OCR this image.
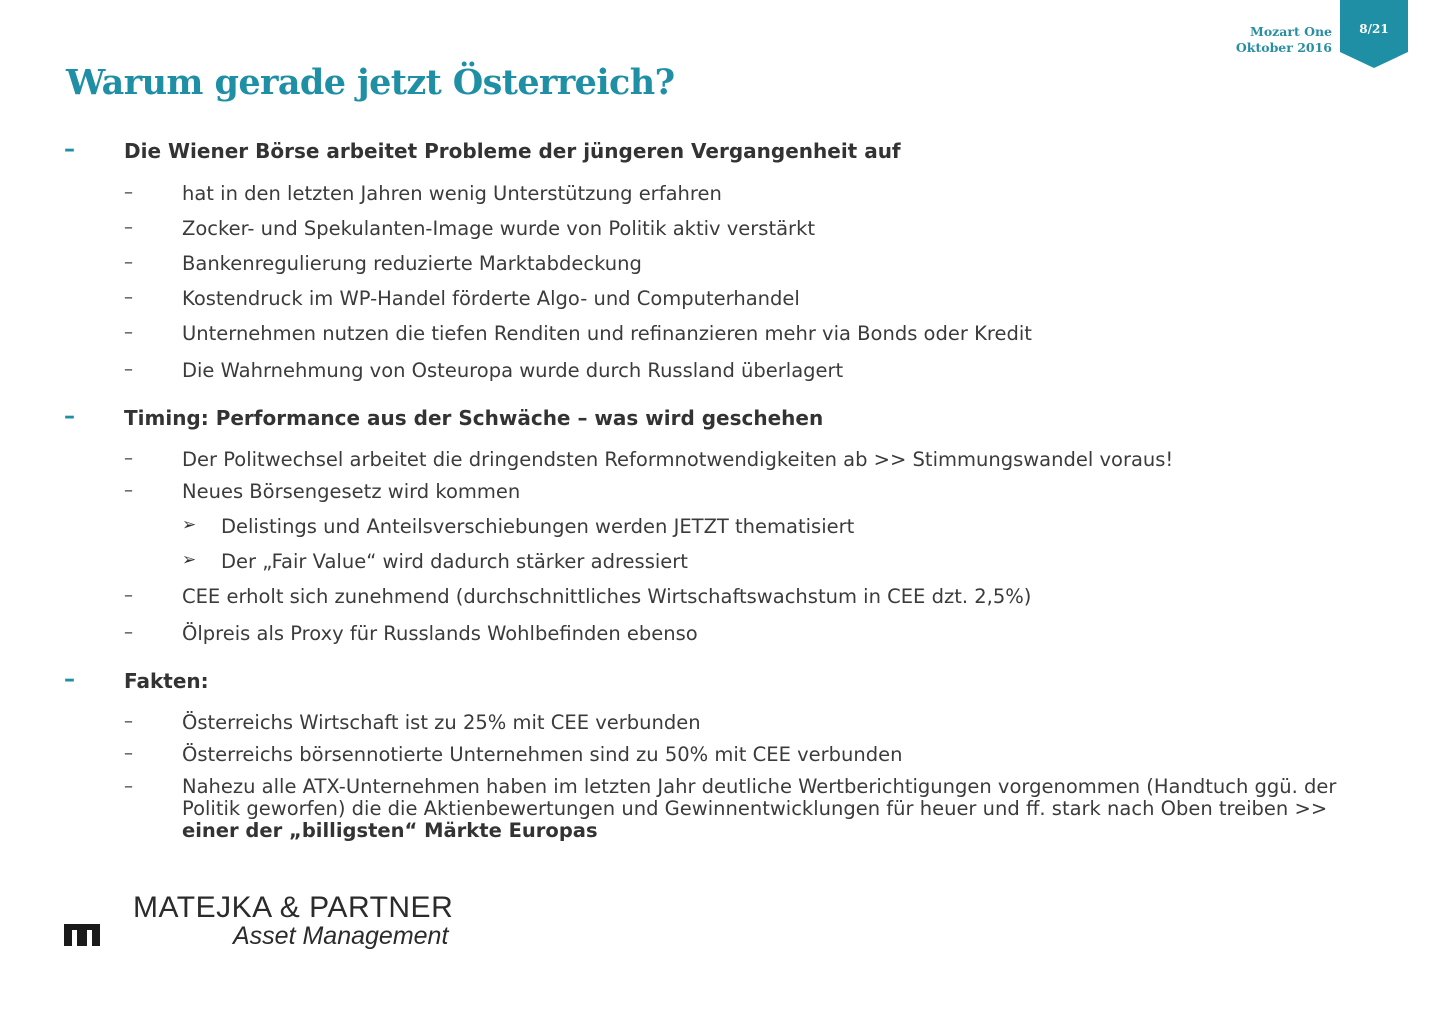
Mozart One
Oktober 2016
8/21
Warum gerade jetzt Österreich?
– Die Wiener Börse arbeitet Probleme der jüngeren Vergangenheit auf
–	hat in den letzten Jahren wenig Unterstützung erfahren
–	Zocker- und Spekulanten-Image wurde von Politik aktiv verstärkt
–	Bankenregulierung reduzierte Marktabdeckung
–	Kostendruck im WP-Handel förderte Algo- und Computerhandel
–	Unternehmen nutzen die tiefen Renditen und refinanzieren mehr via Bonds oder Kredit
–	Die Wahrnehmung von Osteuropa wurde durch Russland überlagert
– Timing: Performance aus der Schwäche – was wird geschehen
–	Der Politwechsel arbeitet die dringendsten Reformnotwendigkeiten ab >> Stimmungswandel voraus!
–	Neues Börsengesetz wird kommen
➢ Delistings und Anteilsverschiebungen werden JETZT thematisiert
➢ Der „Fair Value“ wird dadurch stärker adressiert
–	CEE erholt sich zunehmend (durchschnittliches Wirtschaftswachstum in CEE dzt. 2,5%)
–	Ölpreis als Proxy für Russlands Wohlbefinden ebenso
– Fakten:
–	Österreichs Wirtschaft ist zu 25% mit CEE verbunden
–	Österreichs börsennotierte Unternehmen sind zu 50% mit CEE verbunden
–	Nahezu alle ATX-Unternehmen haben im letzten Jahr deutliche Wertberichtigungen vorgenommen (Handtuch ggü. der Politik geworfen) die die Aktienbewertungen und Gewinnentwicklungen für heuer und ff. stark nach Oben treiben >> einer der „billigsten“ Märkte Europas
MATEJKA & PARTNER
Asset Management
